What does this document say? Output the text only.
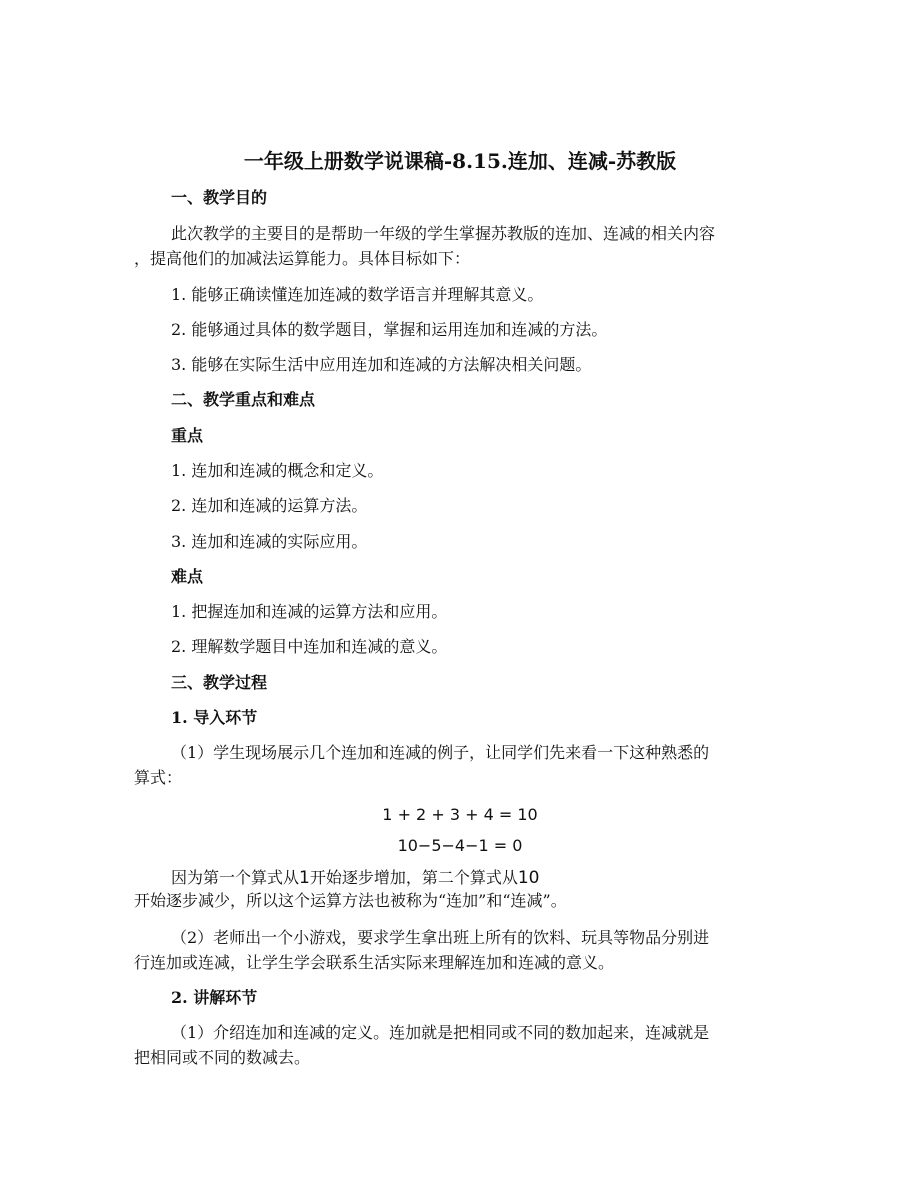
一年级上册数学说课稿-8.15.连加、连减-苏教版
一、教学目的
此次教学的主要目的是帮助一年级的学生掌握苏教版的连加、连减的相关内容
，提高他们的加减法运算能力。具体目标如下：
1. 能够正确读懂连加连减的数学语言并理解其意义。
2. 能够通过具体的数学题目，掌握和运用连加和连减的方法。
3. 能够在实际生活中应用连加和连减的方法解决相关问题。
二、教学重点和难点
重点
1. 连加和连减的概念和定义。
2. 连加和连减的运算方法。
3. 连加和连减的实际应用。
难点
1. 把握连加和连减的运算方法和应用。
2. 理解数学题目中连加和连减的意义。
三、教学过程
1. 导入环节
（1）学生现场展示几个连加和连减的例子，让同学们先来看一下这种熟悉的
算式：
1 + 2 + 3 + 4 = 10
10−5−4−1 = 0
因为第一个算式从1开始逐步增加，第二个算式从10
开始逐步减少，所以这个运算方法也被称为“连加”和“连减”。
（2）老师出一个小游戏，要求学生拿出班上所有的饮料、玩具等物品分别进
行连加或连减，让学生学会联系生活实际来理解连加和连减的意义。
2. 讲解环节
（1）介绍连加和连减的定义。连加就是把相同或不同的数加起来，连减就是
把相同或不同的数减去。
